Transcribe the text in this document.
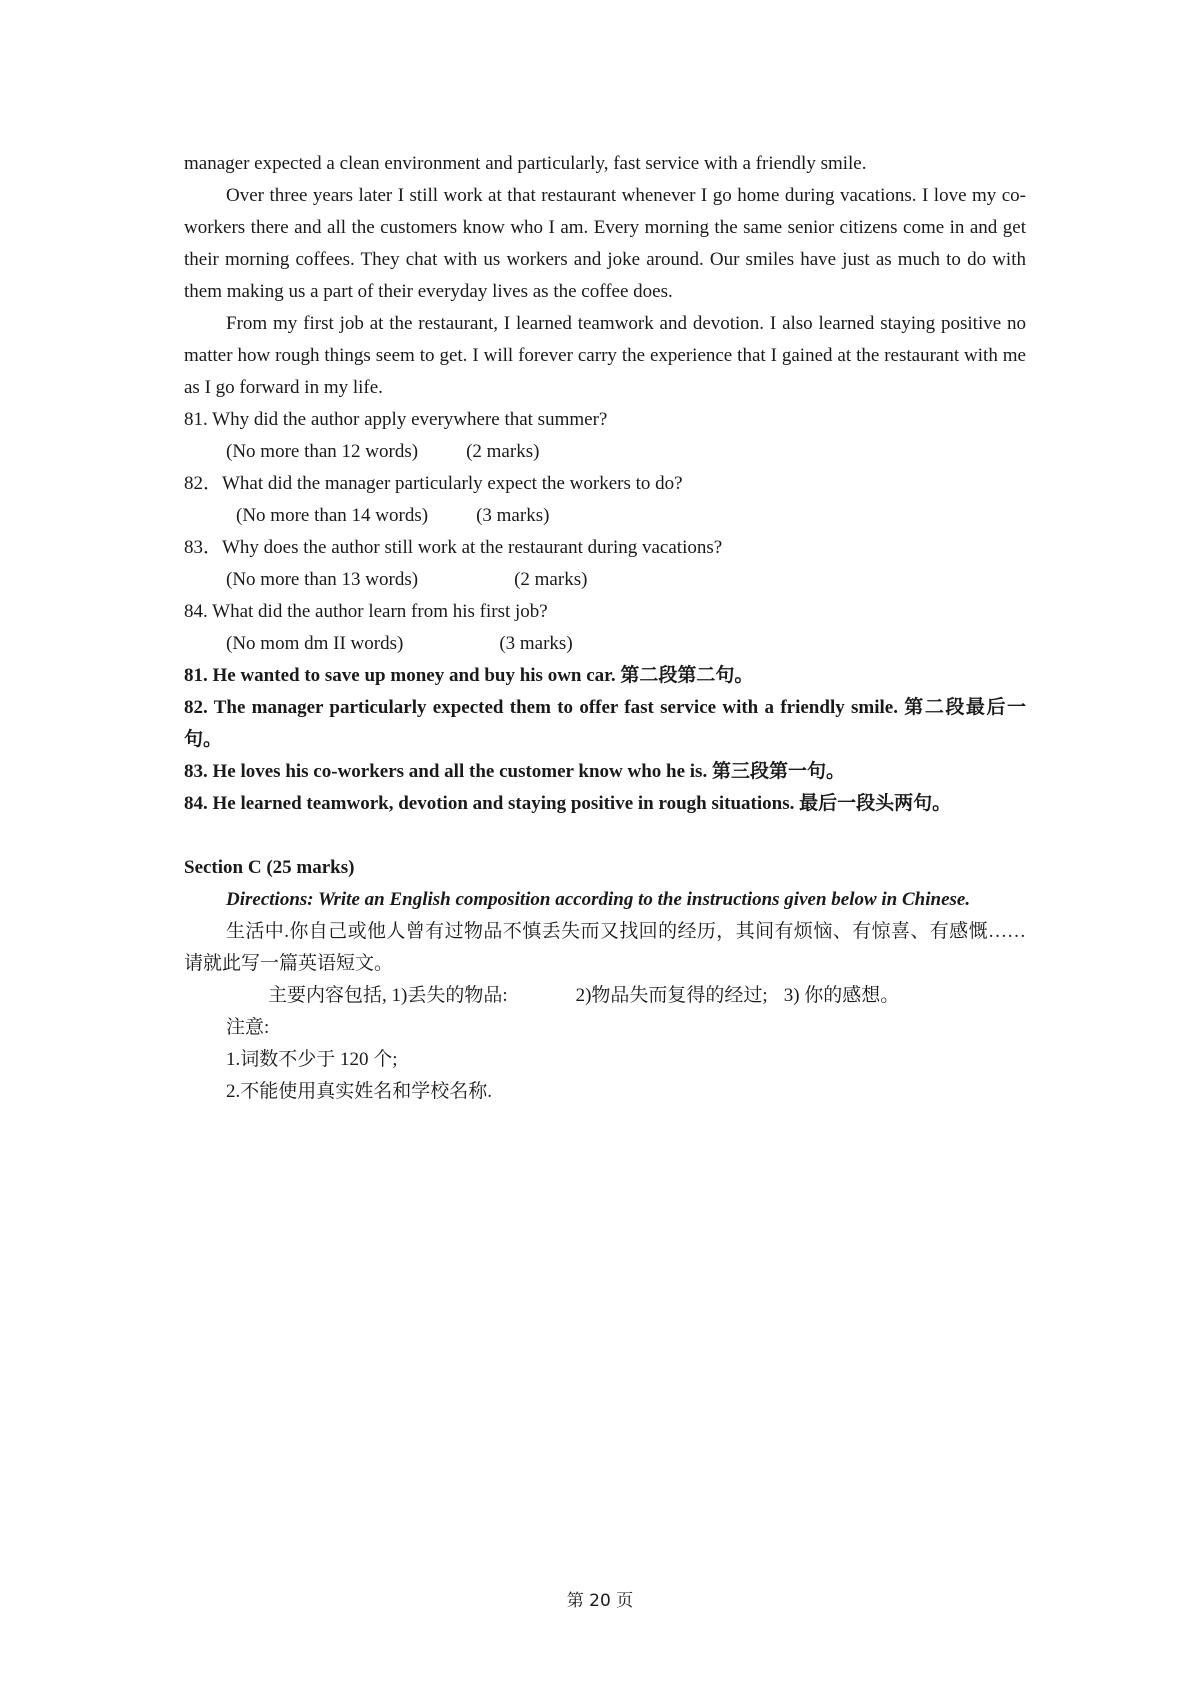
manager expected a clean environment and particularly, fast service with a friendly smile.

Over three years later I still work at that restaurant whenever I go home during vacations. I love my co-workers there and all the customers know who I am. Every morning the same senior citizens come in and get their morning coffees. They chat with us workers and joke around. Our smiles have just as much to do with them making us a part of their everyday lives as the coffee does.

From my first job at the restaurant, I learned teamwork and devotion. I also learned staying positive no matter how rough things seem to get. I will forever carry the experience that I gained at the restaurant with me as I go forward in my life.

81. Why did the author apply everywhere that summer?

(No more than 12 words)	(2 marks)

82．What did the manager particularly expect the workers to do?

(No more than 14 words)	(3 marks)

83．Why does the author still work at the restaurant during vacations?

(No more than 13 words)	(2 marks)

84. What did the author learn from his first job?

(No mom dm II words)	(3 marks)

81. He wanted to save up money and buy his own car. 第二段第二句。

82. The manager particularly expected them to offer fast service with a friendly smile. 第二段最后一句。

83. He loves his co-workers and all the customer know who he is. 第三段第一句。

84. He learned teamwork, devotion and staying positive in rough situations. 最后一段头两句。

Section C (25 marks)

Directions: Write an English composition according to the instructions given below in Chinese.

生活中.你自己或他人曾有过物品不慎丢失而又找回的经历，其间有烦恼、有惊喜、有感慨……请就此写一篇英语短文。

主要内容包括, 1)丢失的物品:	2)物品失而复得的经过; 3) 你的感想。

注意:

1.词数不少于 120 个;

2.不能使用真实姓名和学校名称.

第 20 页
